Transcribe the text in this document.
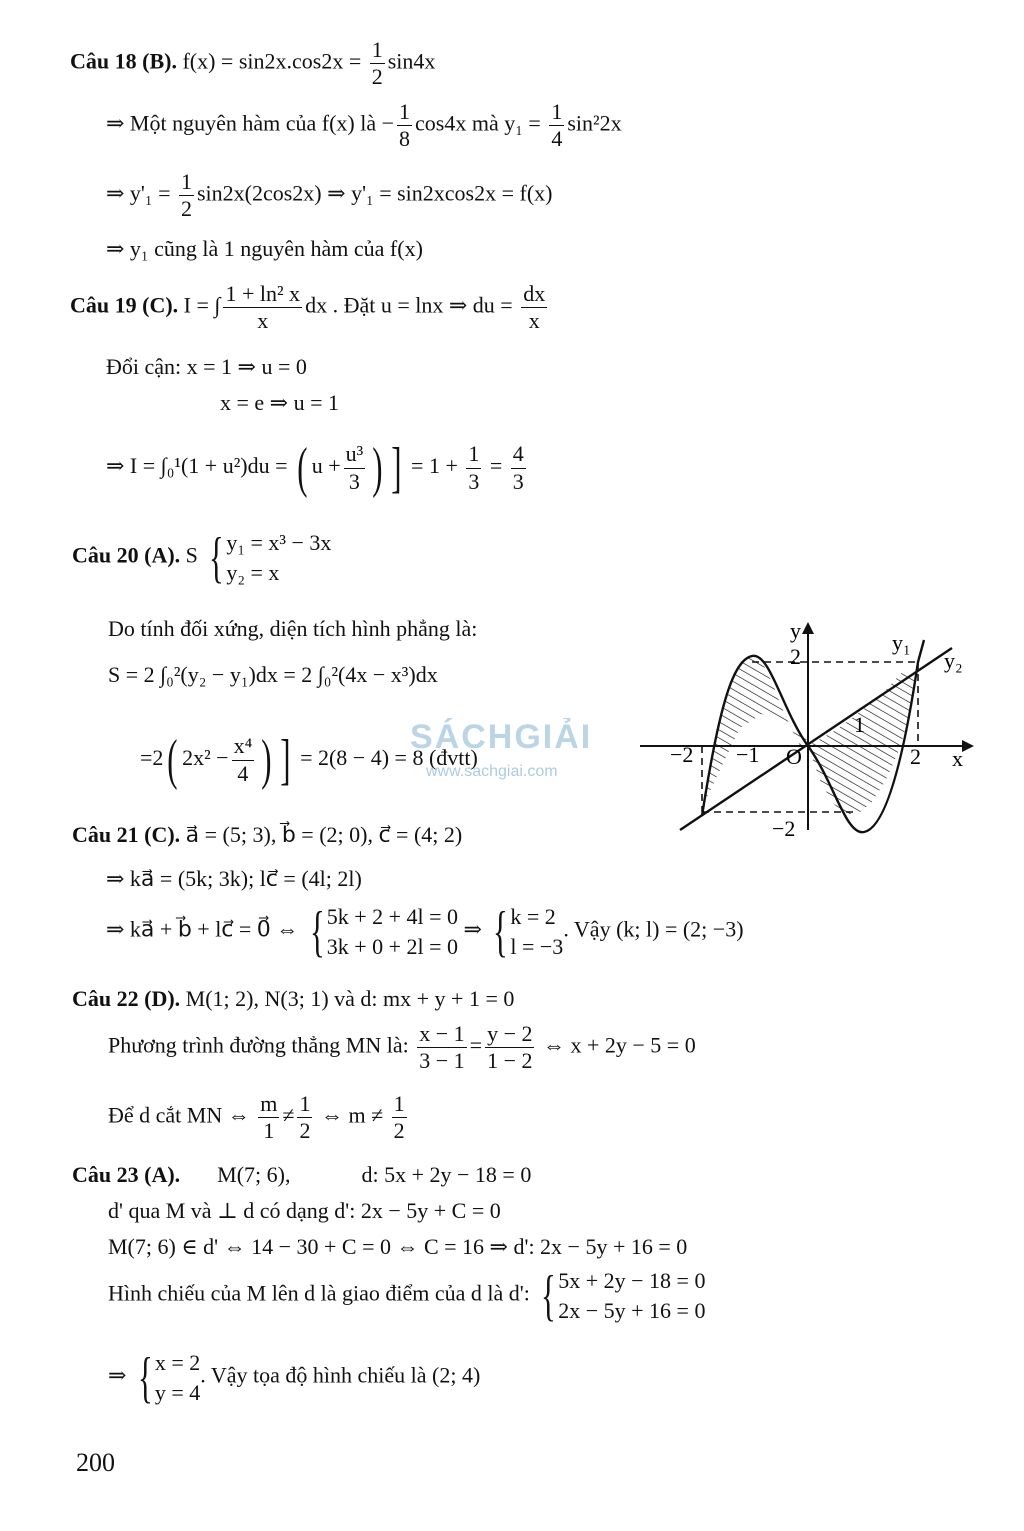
Câu 18 (B). $f(x) = \sin 2x.\cos 2x = \frac{1}{2} \sin 4x$
⇒ Một nguyên hàm của f(x) là − $\frac{1}{8} \cos 4x$ mà $y_1 = \frac{1}{4} \sin^22x$
⇒ $y'_1 = \frac{1}{2} \sin 2x(2\cos 2x)$ ⇒ y'₁ = sin2xcos2x = f(x)
⇒ y₁ cũng là 1 nguyên hàm của f(x)
Câu 19 (C). I = ∫ $\frac{\text{1 + ln² x}}{x}$ dx . Đặt u = lnx ⇒ du = $\frac{dx}{x}$
Đổi cận: x = 1 ⇒ u = 0
x = e ⇒ u = 1
⇒ I = ∫₀¹(1 + u²)du = ( $u + \frac{\text{u³}}{3}$ ) ] = $1 + \frac{1}{3} = \frac{4}{3}$
Câu 20 (A). S { y₁ = x³ − 3x
y₂ = x
Do tính đối xứng, diện tích hình phẳng là:
S = 2 ∫₀²(y₂ − y₁)dx = 2 ∫₀²(4x − x³)dx
=2( $2x^2 - \frac{\text{x⁴}}{4}$ ) ] = 2(8 − 4) = 8 (đvtt)
SÁCHGIẢI
www.sachgiai.com
y
x
y₁
y₂
−2 −1 O
1
2
2
−2
Câu 21 (C). a⃗ = (5; 3), b⃗ = (2; 0), c⃗ = (4; 2)
⇒ ka⃗ = (5k; 3k); lc⃗ = (4l; 2l)
⇒ ka⃗ + b⃗ + lc⃗ = 0⃗ ⇔ { 5k + 2 + 4l = 0
3k + 0 + 2l = 0
⇒ { k = 2
l = −3
. Vậy (k; l) = (2; −3)
Câu 22 (D). M(1; 2), N(3; 1) và d: mx + y + 1 = 0
Phương trình đường thẳng MN là: $\frac{x - 1}{3 - 1} = \frac{y - 2}{1 - 2}$ ⇔ x + 2y − 5 = 0
Để d cắt MN ⇔ $\frac{m}{1} \ne \frac{1}{2}$ ⇔ $m \ne \frac{1}{2}$
Câu 23 (A). M(7; 6),	d: 5x + 2y − 18 = 0
d' qua M và ⊥ d có dạng d': 2x − 5y + C = 0
M(7; 6) ∈ d' ⇔ 14 − 30 + C = 0 ⇔ C = 16 ⇒ d': 2x − 5y + 16 = 0
Hình chiếu của M lên d là giao điểm của d là d': { 5x + 2y − 18 = 0
2x − 5y + 16 = 0
⇒ { x = 2
y = 4
. Vậy tọa độ hình chiếu là (2; 4)
200
